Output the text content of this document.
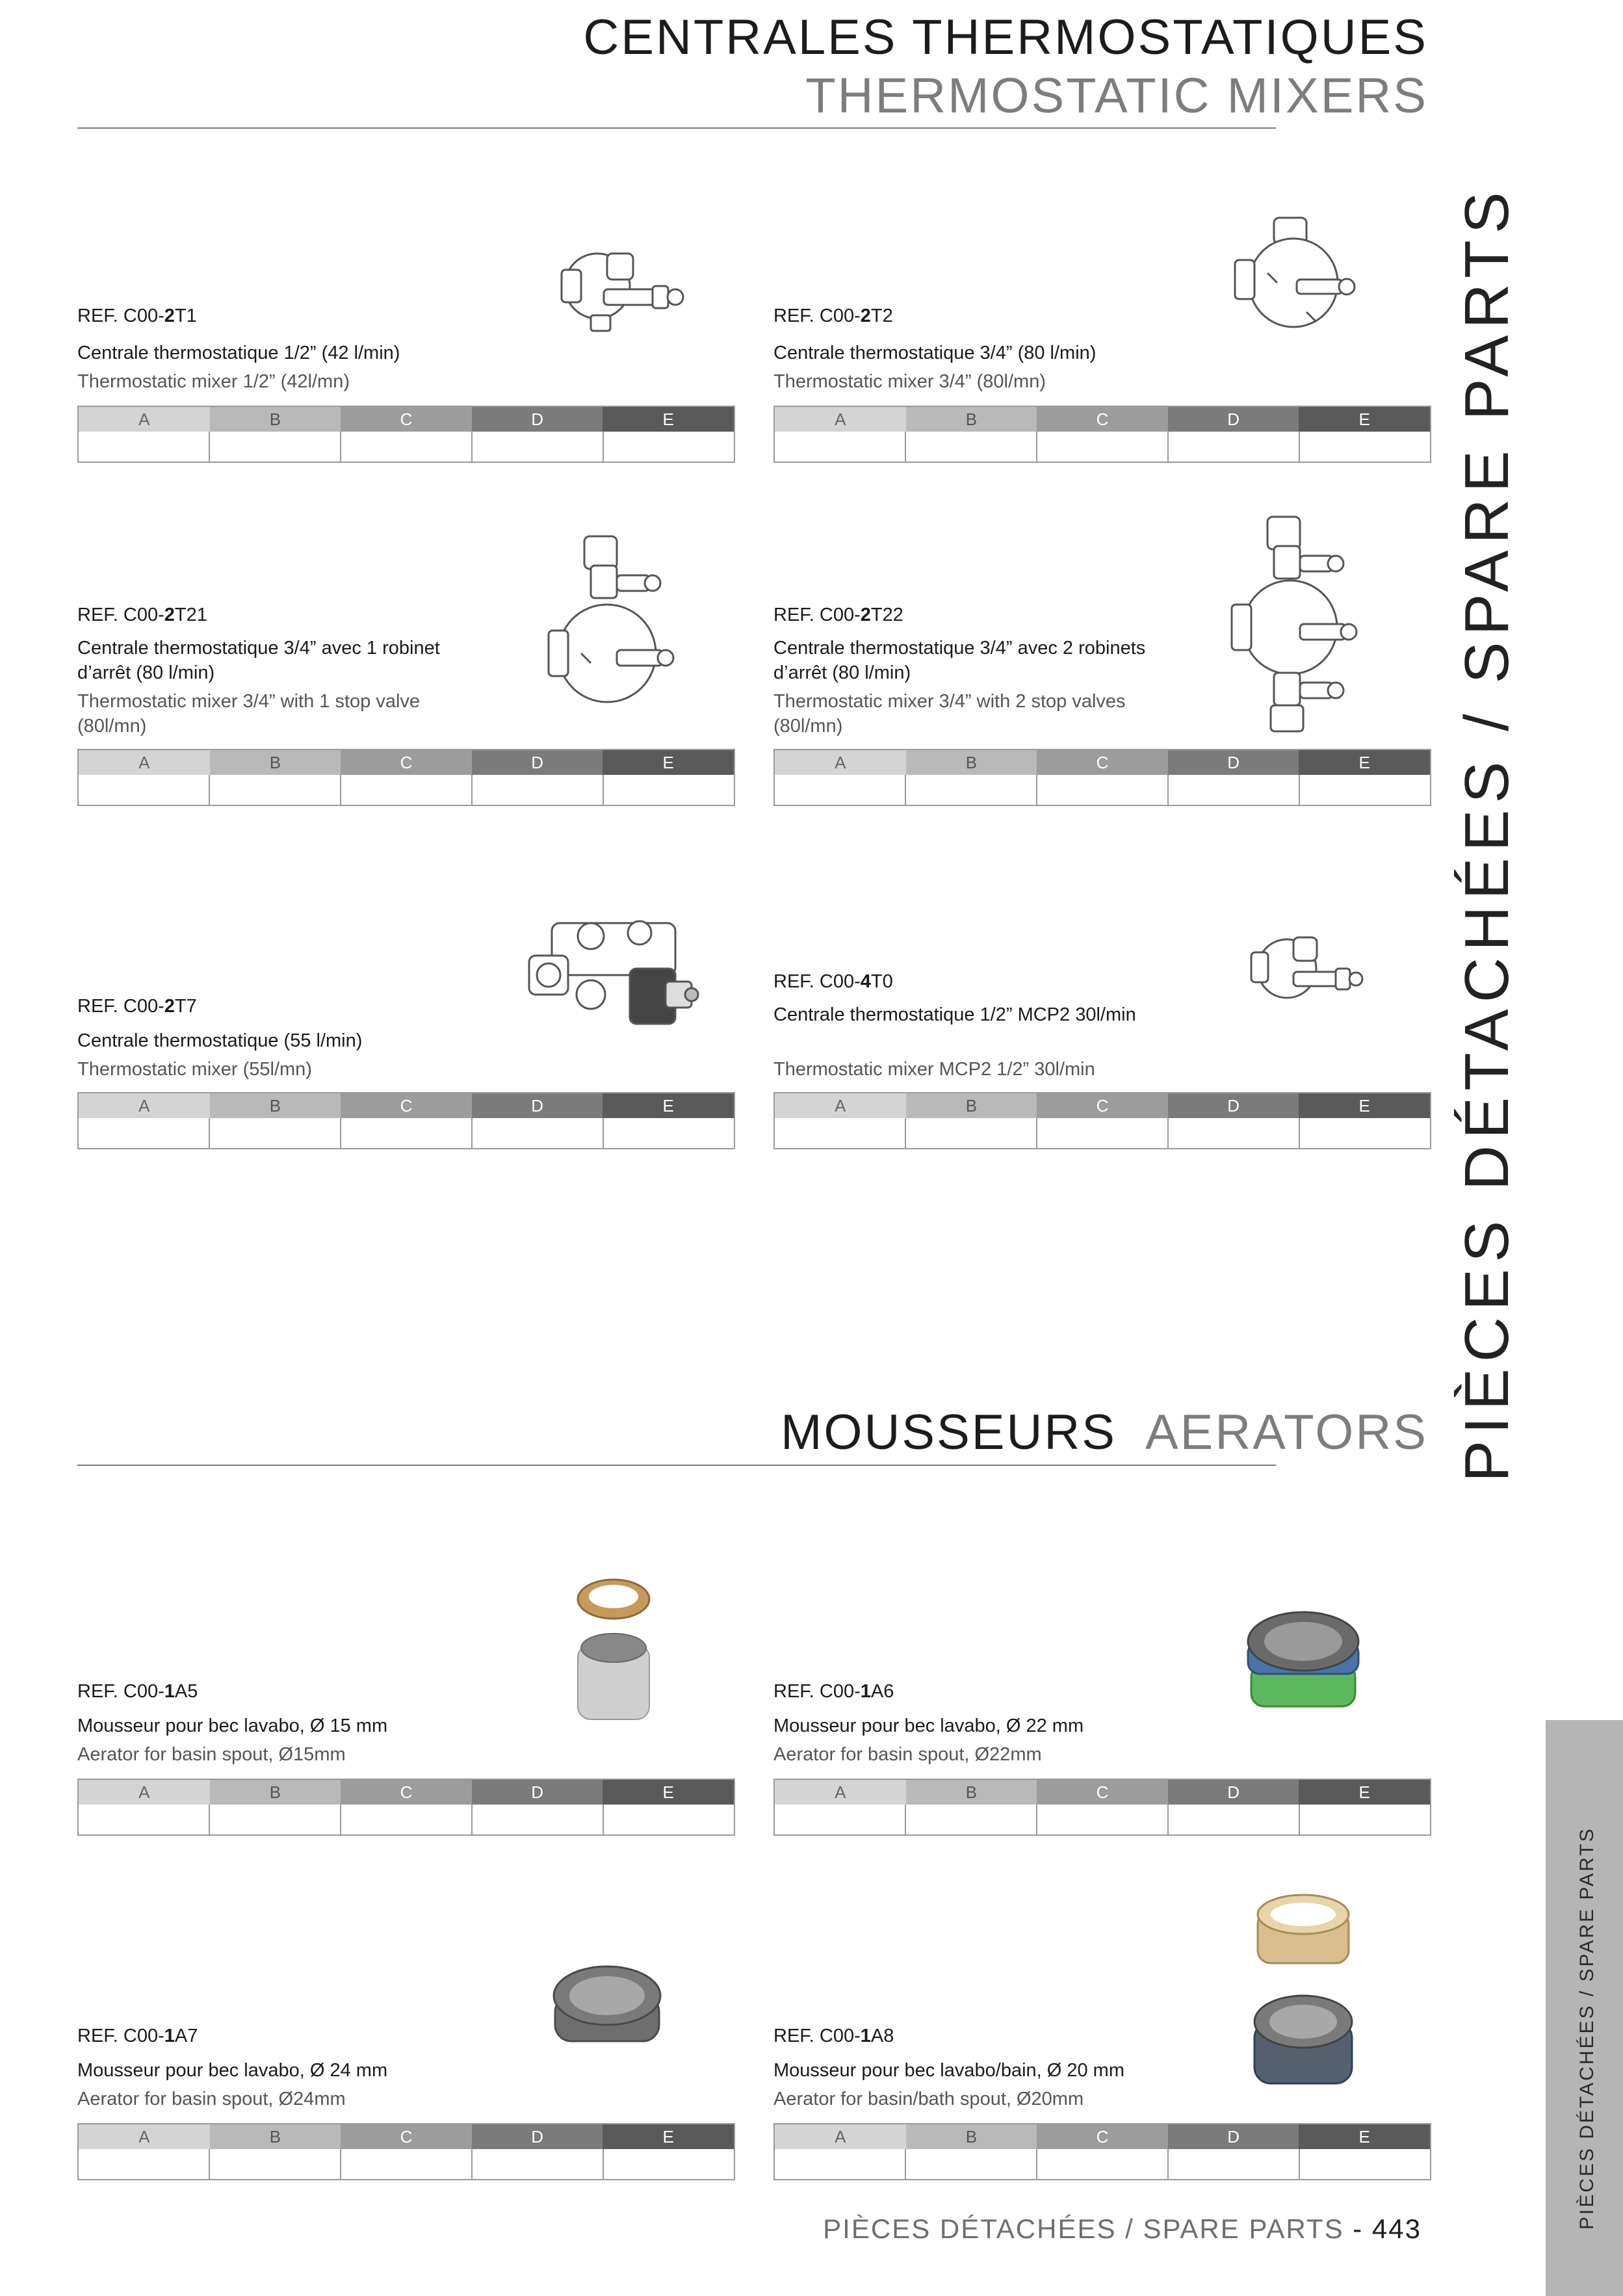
CENTRALES THERMOSTATIQUES
THERMOSTATIC MIXERS
PIÈCES DÉTACHÉES / SPARE PARTS
REF. C00-2T1
Centrale thermostatique 1/2” (42 l/min)
Thermostatic mixer 1/2” (42l/mn)
A	B	C	D	E
REF. C00-2T2
Centrale thermostatique 3/4” (80 l/min)
Thermostatic mixer 3/4” (80l/mn)
A	B	C	D	E
REF. C00-2T21
Centrale thermostatique 3/4” avec 1 robinet d’arrêt (80 l/min)
Thermostatic mixer 3/4” with 1 stop valve (80l/mn)
A	B	C	D	E
REF. C00-2T22
Centrale thermostatique 3/4” avec 2 robinets d’arrêt (80 l/min)
Thermostatic mixer 3/4” with 2 stop valves (80l/mn)
A	B	C	D	E
REF. C00-2T7
Centrale thermostatique (55 l/min)
Thermostatic mixer (55l/mn)
A	B	C	D	E
REF. C00-4T0
Centrale thermostatique 1/2” MCP2 30l/min
Thermostatic mixer MCP2 1/2” 30l/min
A	B	C	D	E
MOUSSEURS AERATORS
REF. C00-1A5
Mousseur pour bec lavabo, Ø 15 mm
Aerator for basin spout, Ø15mm
A	B	C	D	E
REF. C00-1A6
Mousseur pour bec lavabo, Ø 22 mm
Aerator for basin spout, Ø22mm
A	B	C	D	E
REF. C00-1A7
Mousseur pour bec lavabo, Ø 24 mm
Aerator for basin spout, Ø24mm
A	B	C	D	E
REF. C00-1A8
Mousseur pour bec lavabo/bain, Ø 20 mm
Aerator for basin/bath spout, Ø20mm
A	B	C	D	E	PIÈCES DÉTACHÉES / SPARE PARTS
PIÈCES DÉTACHÉES / SPARE PARTS - 443
